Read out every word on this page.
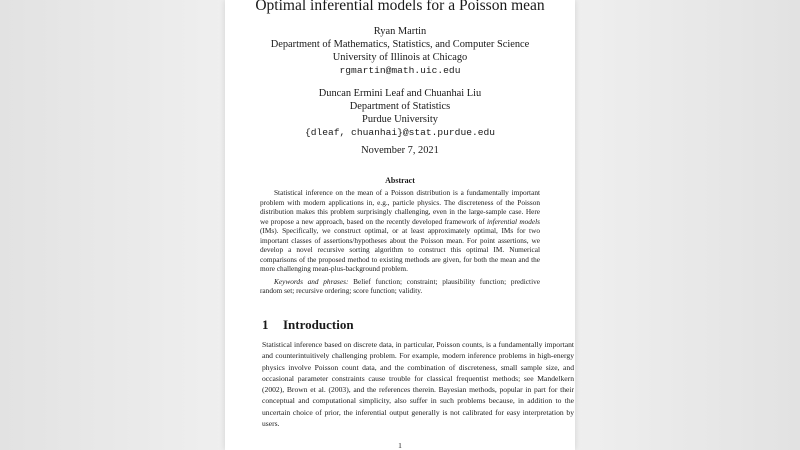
Optimal inferential models for a Poisson mean
Ryan Martin
Department of Mathematics, Statistics, and Computer Science
University of Illinois at Chicago
rgmartin@math.uic.edu
Duncan Ermini Leaf and Chuanhai Liu
Department of Statistics
Purdue University
{dleaf, chuanhai}@stat.purdue.edu
November 7, 2021
Abstract

Statistical inference on the mean of a Poisson distribution is a fundamentally important problem with modern applications in, e.g., particle physics. The discreteness of the Poisson distribution makes this problem surprisingly challenging, even in the large-sample case. Here we propose a new approach, based on the recently developed framework of inferential models (IMs). Specifically, we construct optimal, or at least approximately optimal, IMs for two important classes of assertions/hypotheses about the Poisson mean. For point assertions, we develop a novel recursive sorting algorithm to construct this optimal IM. Numerical comparisons of the proposed method to existing methods are given, for both the mean and the more challenging mean-plus-background problem.

Keywords and phrases: Belief function; constraint; plausibility function; predictive random set; recursive ordering; score function; validity.

1 Introduction

Statistical inference based on discrete data, in particular, Poisson counts, is a fundamentally important and counterintuitively challenging problem. For example, modern inference problems in high-energy physics involve Poisson count data, and the combination of discreteness, small sample size, and occasional parameter constraints cause trouble for classical frequentist methods; see Mandelkern (2002), Brown et al. (2003), and the references therein. Bayesian methods, popular in part for their conceptual and computational simplicity, also suffer in such problems because, in addition to the uncertain choice of prior, the inferential output generally is not calibrated for easy interpretation by users.

1
